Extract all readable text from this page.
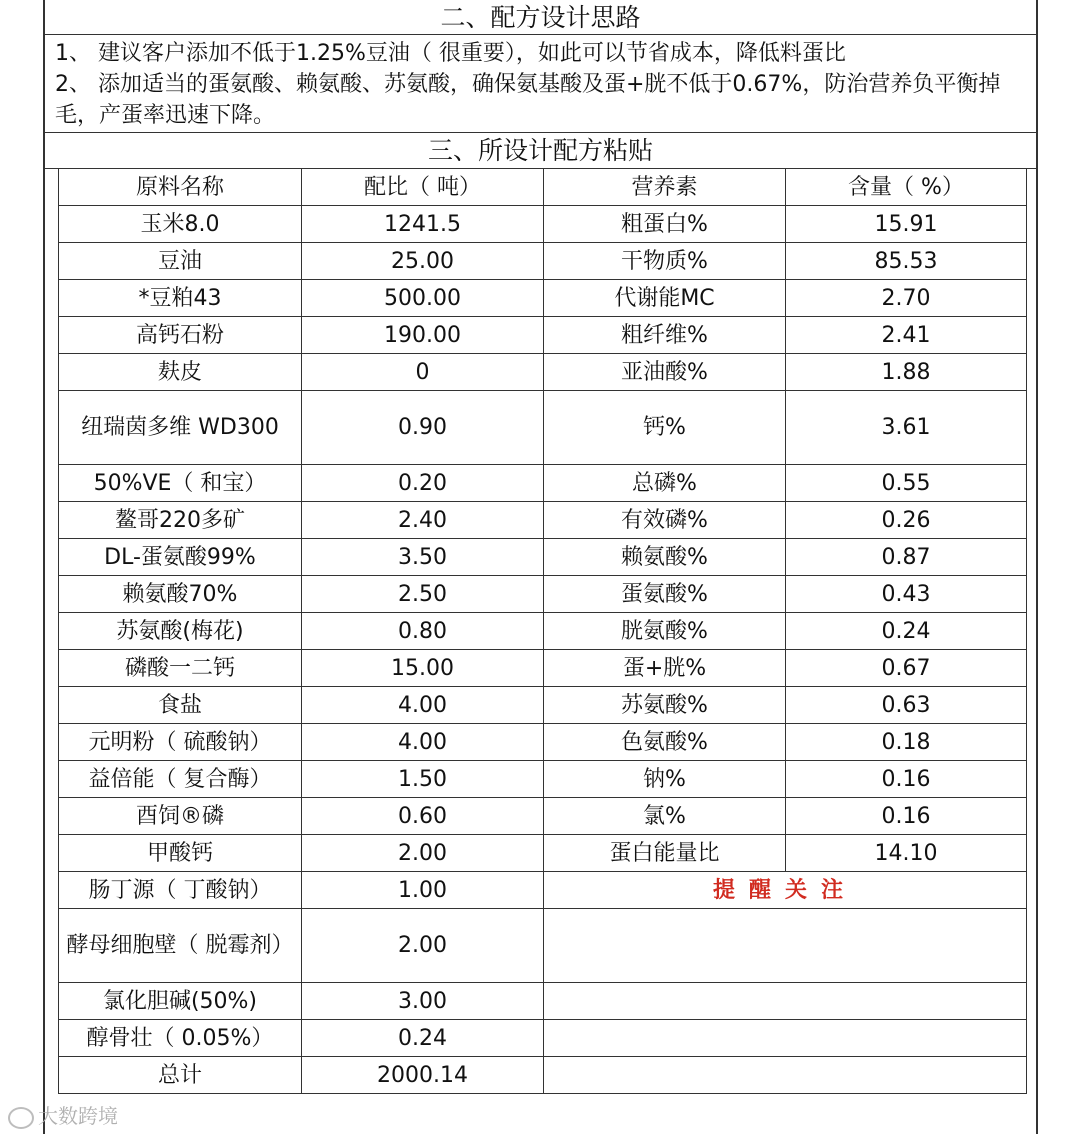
二、配方设计思路

1、 建议客户添加不低于1.25%豆油（ 很重要），如此可以节省成本，降低料蛋比

2、 添加适当的蛋氨酸、赖氨酸、苏氨酸，确保氨基酸及蛋+胱不低于0.67%，防治营养负平衡掉毛，产蛋率迅速下降。

三、所设计配方粘贴
原料名称	配比（ 吨）	营养素	含量（ %）
玉米8.0	1241.5	粗蛋白%	15.91
豆油	25.00	干物质%	85.53
*豆粕43	500.00	代谢能MC	2.70
高钙石粉	190.00	粗纤维%	2.41
麸皮	0	亚油酸%	1.88
纽瑞茵多维 WD300	0.90	钙%	3.61
50%VE（ 和宝）	0.20	总磷%	0.55
鳌哥220多矿	2.40	有效磷%	0.26
DL-蛋氨酸99%	3.50	赖氨酸%	0.87
赖氨酸70%	2.50	蛋氨酸%	0.43
苏氨酸(梅花)	0.80	胱氨酸%	0.24
磷酸一二钙	15.00	蛋+胱%	0.67
食盐	4.00	苏氨酸%	0.63
元明粉（ 硫酸钠）	4.00	色氨酸%	0.18
益倍能（ 复合酶）	1.50	钠%	0.16
酉饲®磷	0.60	氯%	0.16
甲酸钙	2.00	蛋白能量比	14.10
肠丁源（ 丁酸钠）	1.00	提醒关注	
酵母细胞壁（ 脱霉剂）	2.00		
氯化胆碱(50%)	3.00		
醇骨壮（ 0.05%）	0.24		
总计	2000.14		
大数跨境
